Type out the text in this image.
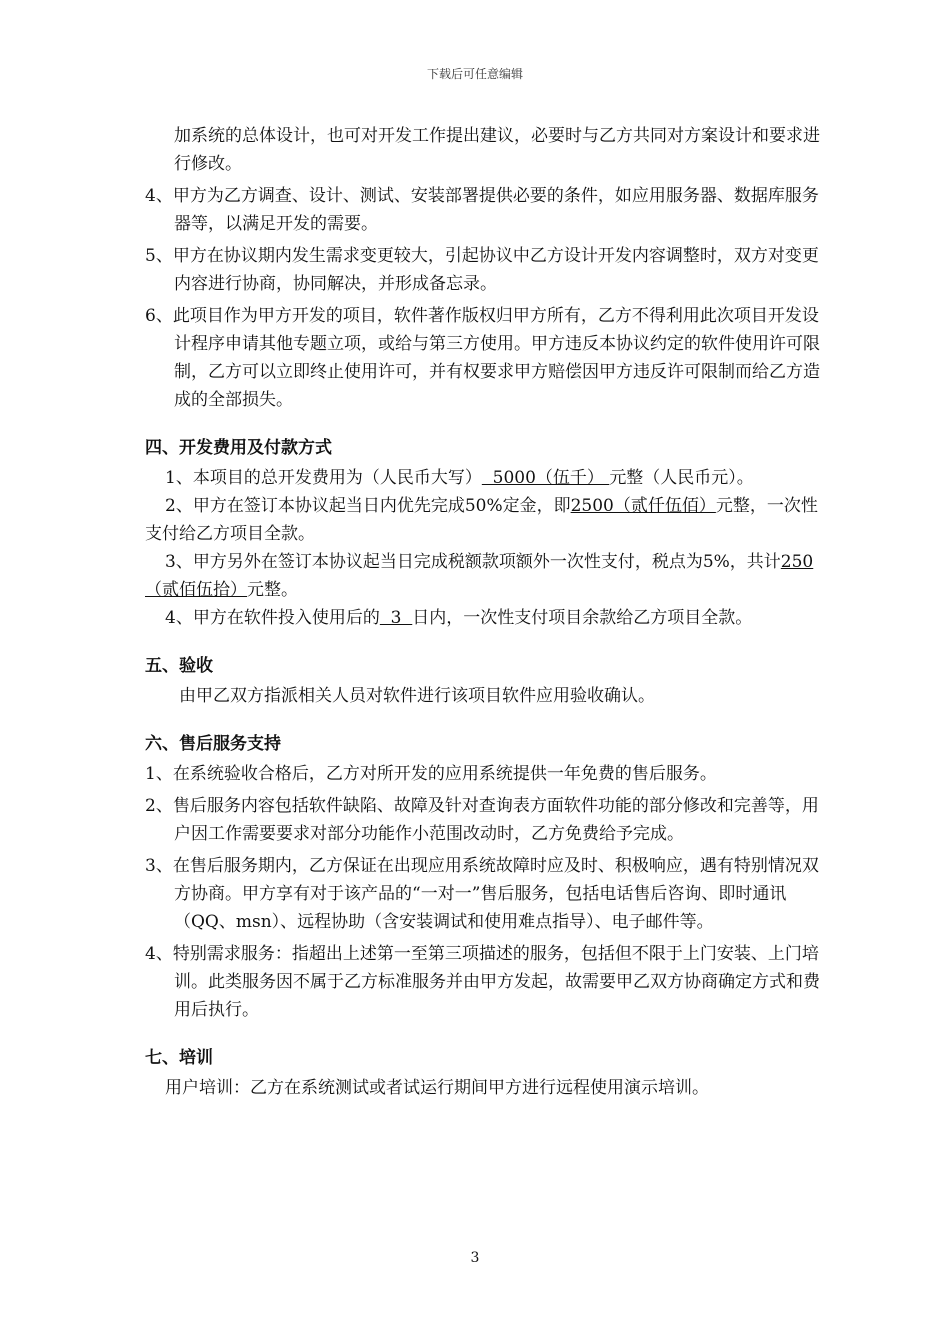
下载后可任意编辑

加系统的总体设计，也可对开发工作提出建议，必要时与乙方共同对方案设计和要求进行修改。

4、甲方为乙方调查、设计、测试、安装部署提供必要的条件，如应用服务器、数据库服务器等，以满足开发的需要。

5、甲方在协议期内发生需求变更较大，引起协议中乙方设计开发内容调整时，双方对变更内容进行协商，协同解决，并形成备忘录。

6、此项目作为甲方开发的项目，软件著作版权归甲方所有，乙方不得利用此次项目开发设计程序申请其他专题立项，或给与第三方使用。甲方违反本协议约定的软件使用许可限制，乙方可以立即终止使用许可，并有权要求甲方赔偿因甲方违反许可限制而给乙方造成的全部损失。

四、开发费用及付款方式

1、本项目的总开发费用为（人民币大写）  5000（伍千） 元整（人民币元）。

2、甲方在签订本协议起当日内优先完成50%定金，即2500（贰仟伍佰）元整，一次性支付给乙方项目全款。

3、甲方另外在签订本协议起当日完成税额款项额外一次性支付，税点为5%，共计250（贰佰伍拾）元整。

4、甲方在软件投入使用后的  3  日内，一次性支付项目余款给乙方项目全款。

五、验收

由甲乙双方指派相关人员对软件进行该项目软件应用验收确认。

六、售后服务支持

1、在系统验收合格后，乙方对所开发的应用系统提供一年免费的售后服务。

2、售后服务内容包括软件缺陷、故障及针对查询表方面软件功能的部分修改和完善等，用户因工作需要要求对部分功能作小范围改动时，乙方免费给予完成。

3、在售后服务期内，乙方保证在出现应用系统故障时应及时、积极响应，遇有特别情况双方协商。甲方享有对于该产品的“一对一”售后服务，包括电话售后咨询、即时通讯（QQ、msn）、远程协助（含安装调试和使用难点指导）、电子邮件等。

4、特别需求服务：指超出上述第一至第三项描述的服务，包括但不限于上门安装、上门培训。此类服务因不属于乙方标准服务并由甲方发起，故需要甲乙双方协商确定方式和费用后执行。

七、培训

用户培训：乙方在系统测试或者试运行期间甲方进行远程使用演示培训。

3
